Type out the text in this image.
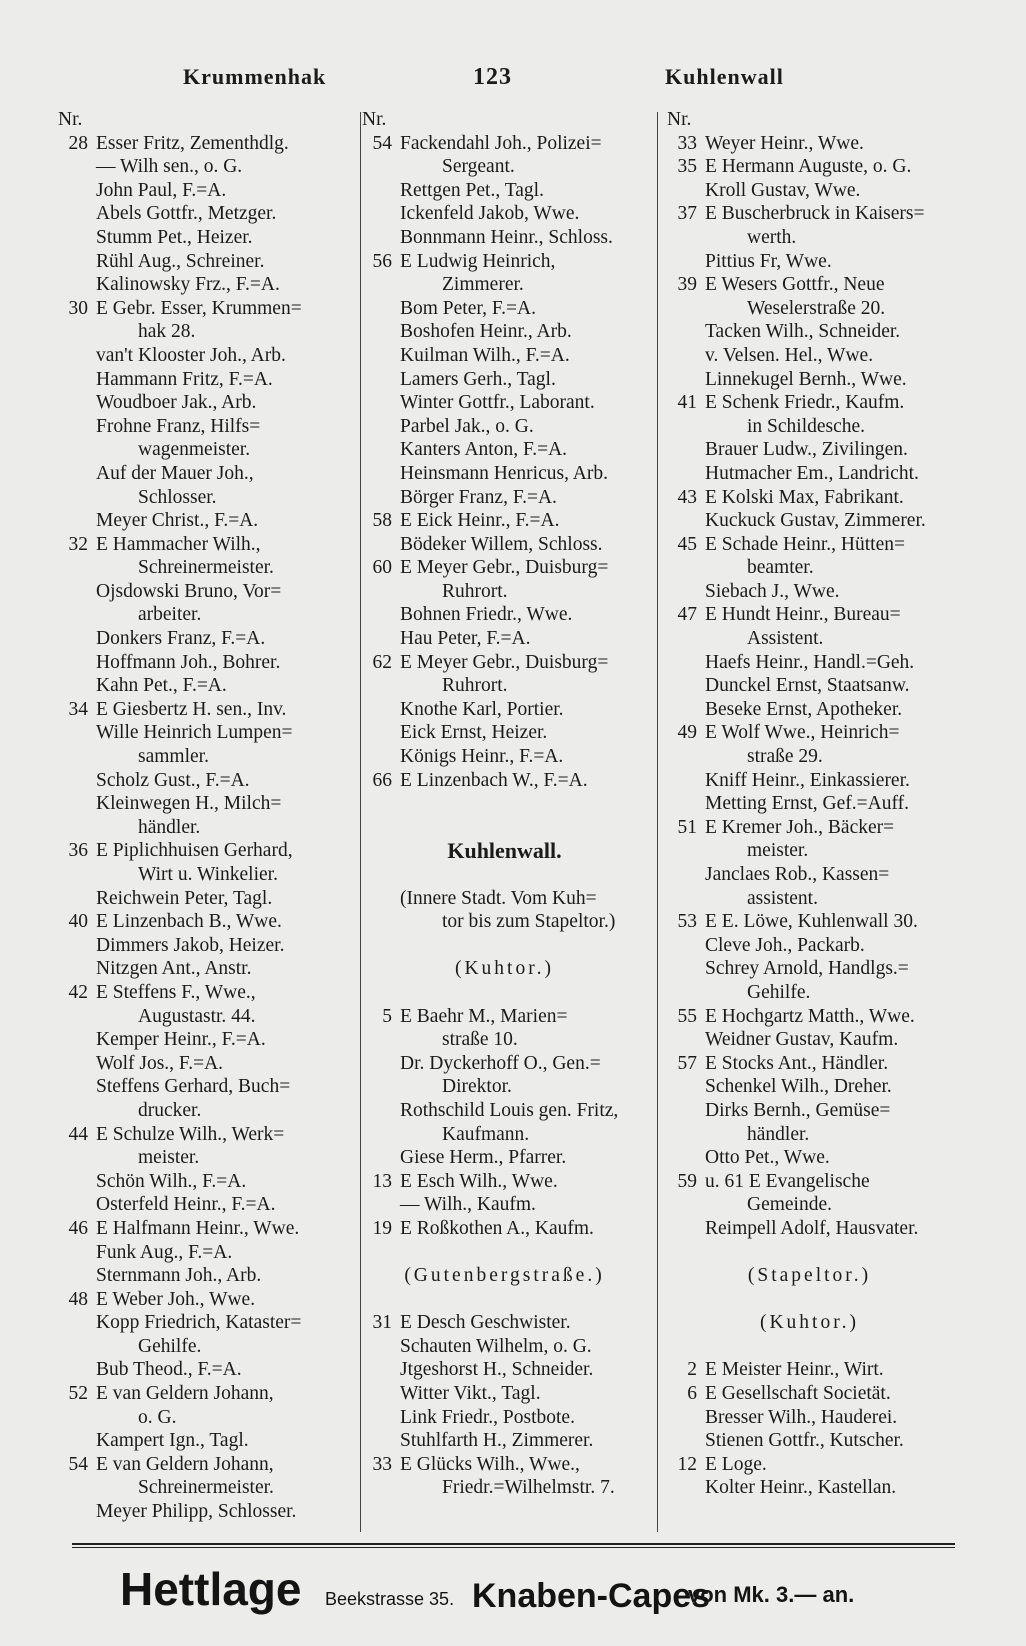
Krummenhak	123	Kuhlenwall
Nr.
28 Esser Fritz, Zementhdlg.
— Wilh sen., o. G.
John Paul, F.=A.
Abels Gottfr., Metzger.
Stumm Pet., Heizer.
Rühl Aug., Schreiner.
Kalinowsky Frz., F.=A.
30 E Gebr. Esser, Krummen=
hak 28.
van't Klooster Joh., Arb.
Hammann Fritz, F.=A.
Woudboer Jak., Arb.
Frohne Franz, Hilfs=
wagenmeister.
Auf der Mauer Joh.,
Schlosser.
Meyer Christ., F.=A.
32 E Hammacher Wilh.,
Schreinermeister.
Ojsdowski Bruno, Vor=
arbeiter.
Donkers Franz, F.=A.
Hoffmann Joh., Bohrer.
Kahn Pet., F.=A.
34 E Giesbertz H. sen., Inv.
Wille Heinrich Lumpen=
sammler.
Scholz Gust., F.=A.
Kleinwegen H., Milch=
händler.
36 E Piplichhuisen Gerhard,
Wirt u. Winkelier.
Reichwein Peter, Tagl.
40 E Linzenbach B., Wwe.
Dimmers Jakob, Heizer.
Nitzgen Ant., Anstr.
42 E Steffens F., Wwe.,
Augustastr. 44.
Kemper Heinr., F.=A.
Wolf Jos., F.=A.
Steffens Gerhard, Buch=
drucker.
44 E Schulze Wilh., Werk=
meister.
Schön Wilh., F.=A.
Osterfeld Heinr., F.=A.
46 E Halfmann Heinr., Wwe.
Funk Aug., F.=A.
Sternmann Joh., Arb.
48 E Weber Joh., Wwe.
Kopp Friedrich, Kataster=
Gehilfe.
Bub Theod., F.=A.
52 E van Geldern Johann,
o. G.
Kampert Ign., Tagl.
54 E van Geldern Johann,
Schreinermeister.
Meyer Philipp, Schlosser.
Nr.
54 Fackendahl Joh., Polizei=
Sergeant.
Rettgen Pet., Tagl.
Ickenfeld Jakob, Wwe.
Bonnmann Heinr., Schloss.
56 E Ludwig Heinrich,
Zimmerer.
Bom Peter, F.=A.
Boshofen Heinr., Arb.
Kuilman Wilh., F.=A.
Lamers Gerh., Tagl.
Winter Gottfr., Laborant.
Parbel Jak., o. G.
Kanters Anton, F.=A.
Heinsmann Henricus, Arb.
Börger Franz, F.=A.
58 E Eick Heinr., F.=A.
Bödeker Willem, Schloss.
60 E Meyer Gebr., Duisburg=
Ruhrort.
Bohnen Friedr., Wwe.
Hau Peter, F.=A.
62 E Meyer Gebr., Duisburg=
Ruhrort.
Knothe Karl, Portier.
Eick Ernst, Heizer.
Königs Heinr., F.=A.
66 E Linzenbach W., F.=A.
Kuhlenwall.
(Innere Stadt. Vom Kuh=
tor bis zum Stapeltor.)
(Kuhtor.)
5 E Baehr M., Marien=
straße 10.
Dr. Dyckerhoff O., Gen.=
Direktor.
Rothschild Louis gen. Fritz,
Kaufmann.
Giese Herm., Pfarrer.
13 E Esch Wilh., Wwe.
— Wilh., Kaufm.
19 E Roßkothen A., Kaufm.
(Gutenbergstraße.)
31 E Desch Geschwister.
Schauten Wilhelm, o. G.
Jtgeshorst H., Schneider.
Witter Vikt., Tagl.
Link Friedr., Postbote.
Stuhlfarth H., Zimmerer.
33 E Glücks Wilh., Wwe.,
Friedr.=Wilhelmstr. 7.
Nr.
33 Weyer Heinr., Wwe.
35 E Hermann Auguste, o. G.
Kroll Gustav, Wwe.
37 E Buscherbruck in Kaisers=
werth.
Pittius Fr, Wwe.
39 E Wesers Gottfr., Neue
Weselerstraße 20.
Tacken Wilh., Schneider.
v. Velsen. Hel., Wwe.
Linnekugel Bernh., Wwe.
41 E Schenk Friedr., Kaufm.
in Schildesche.
Brauer Ludw., Zivilingen.
Hutmacher Em., Landricht.
43 E Kolski Max, Fabrikant.
Kuckuck Gustav, Zimmerer.
45 E Schade Heinr., Hütten=
beamter.
Siebach J., Wwe.
47 E Hundt Heinr., Bureau=
Assistent.
Haefs Heinr., Handl.=Geh.
Dunckel Ernst, Staatsanw.
Beseke Ernst, Apotheker.
49 E Wolf Wwe., Heinrich=
straße 29.
Kniff Heinr., Einkassierer.
Metting Ernst, Gef.=Auff.
51 E Kremer Joh., Bäcker=
meister.
Janclaes Rob., Kassen=
assistent.
53 E E. Löwe, Kuhlenwall 30.
Cleve Joh., Packarb.
Schrey Arnold, Handlgs.=
Gehilfe.
55 E Hochgartz Matth., Wwe.
Weidner Gustav, Kaufm.
57 E Stocks Ant., Händler.
Schenkel Wilh., Dreher.
Dirks Bernh., Gemüse=
händler.
Otto Pet., Wwe.
59 u. 61 E Evangelische
Gemeinde.
Reimpell Adolf, Hausvater.
(Stapeltor.)
(Kuhtor.)
2 E Meister Heinr., Wirt.
6 E Gesellschaft Societät.
Bresser Wilh., Hauderei.
Stienen Gottfr., Kutscher.
12 E Loge.
Kolter Heinr., Kastellan.
Hettlage Beekstrasse 35. Knaben-Capes
von Mk. 3.— an.
